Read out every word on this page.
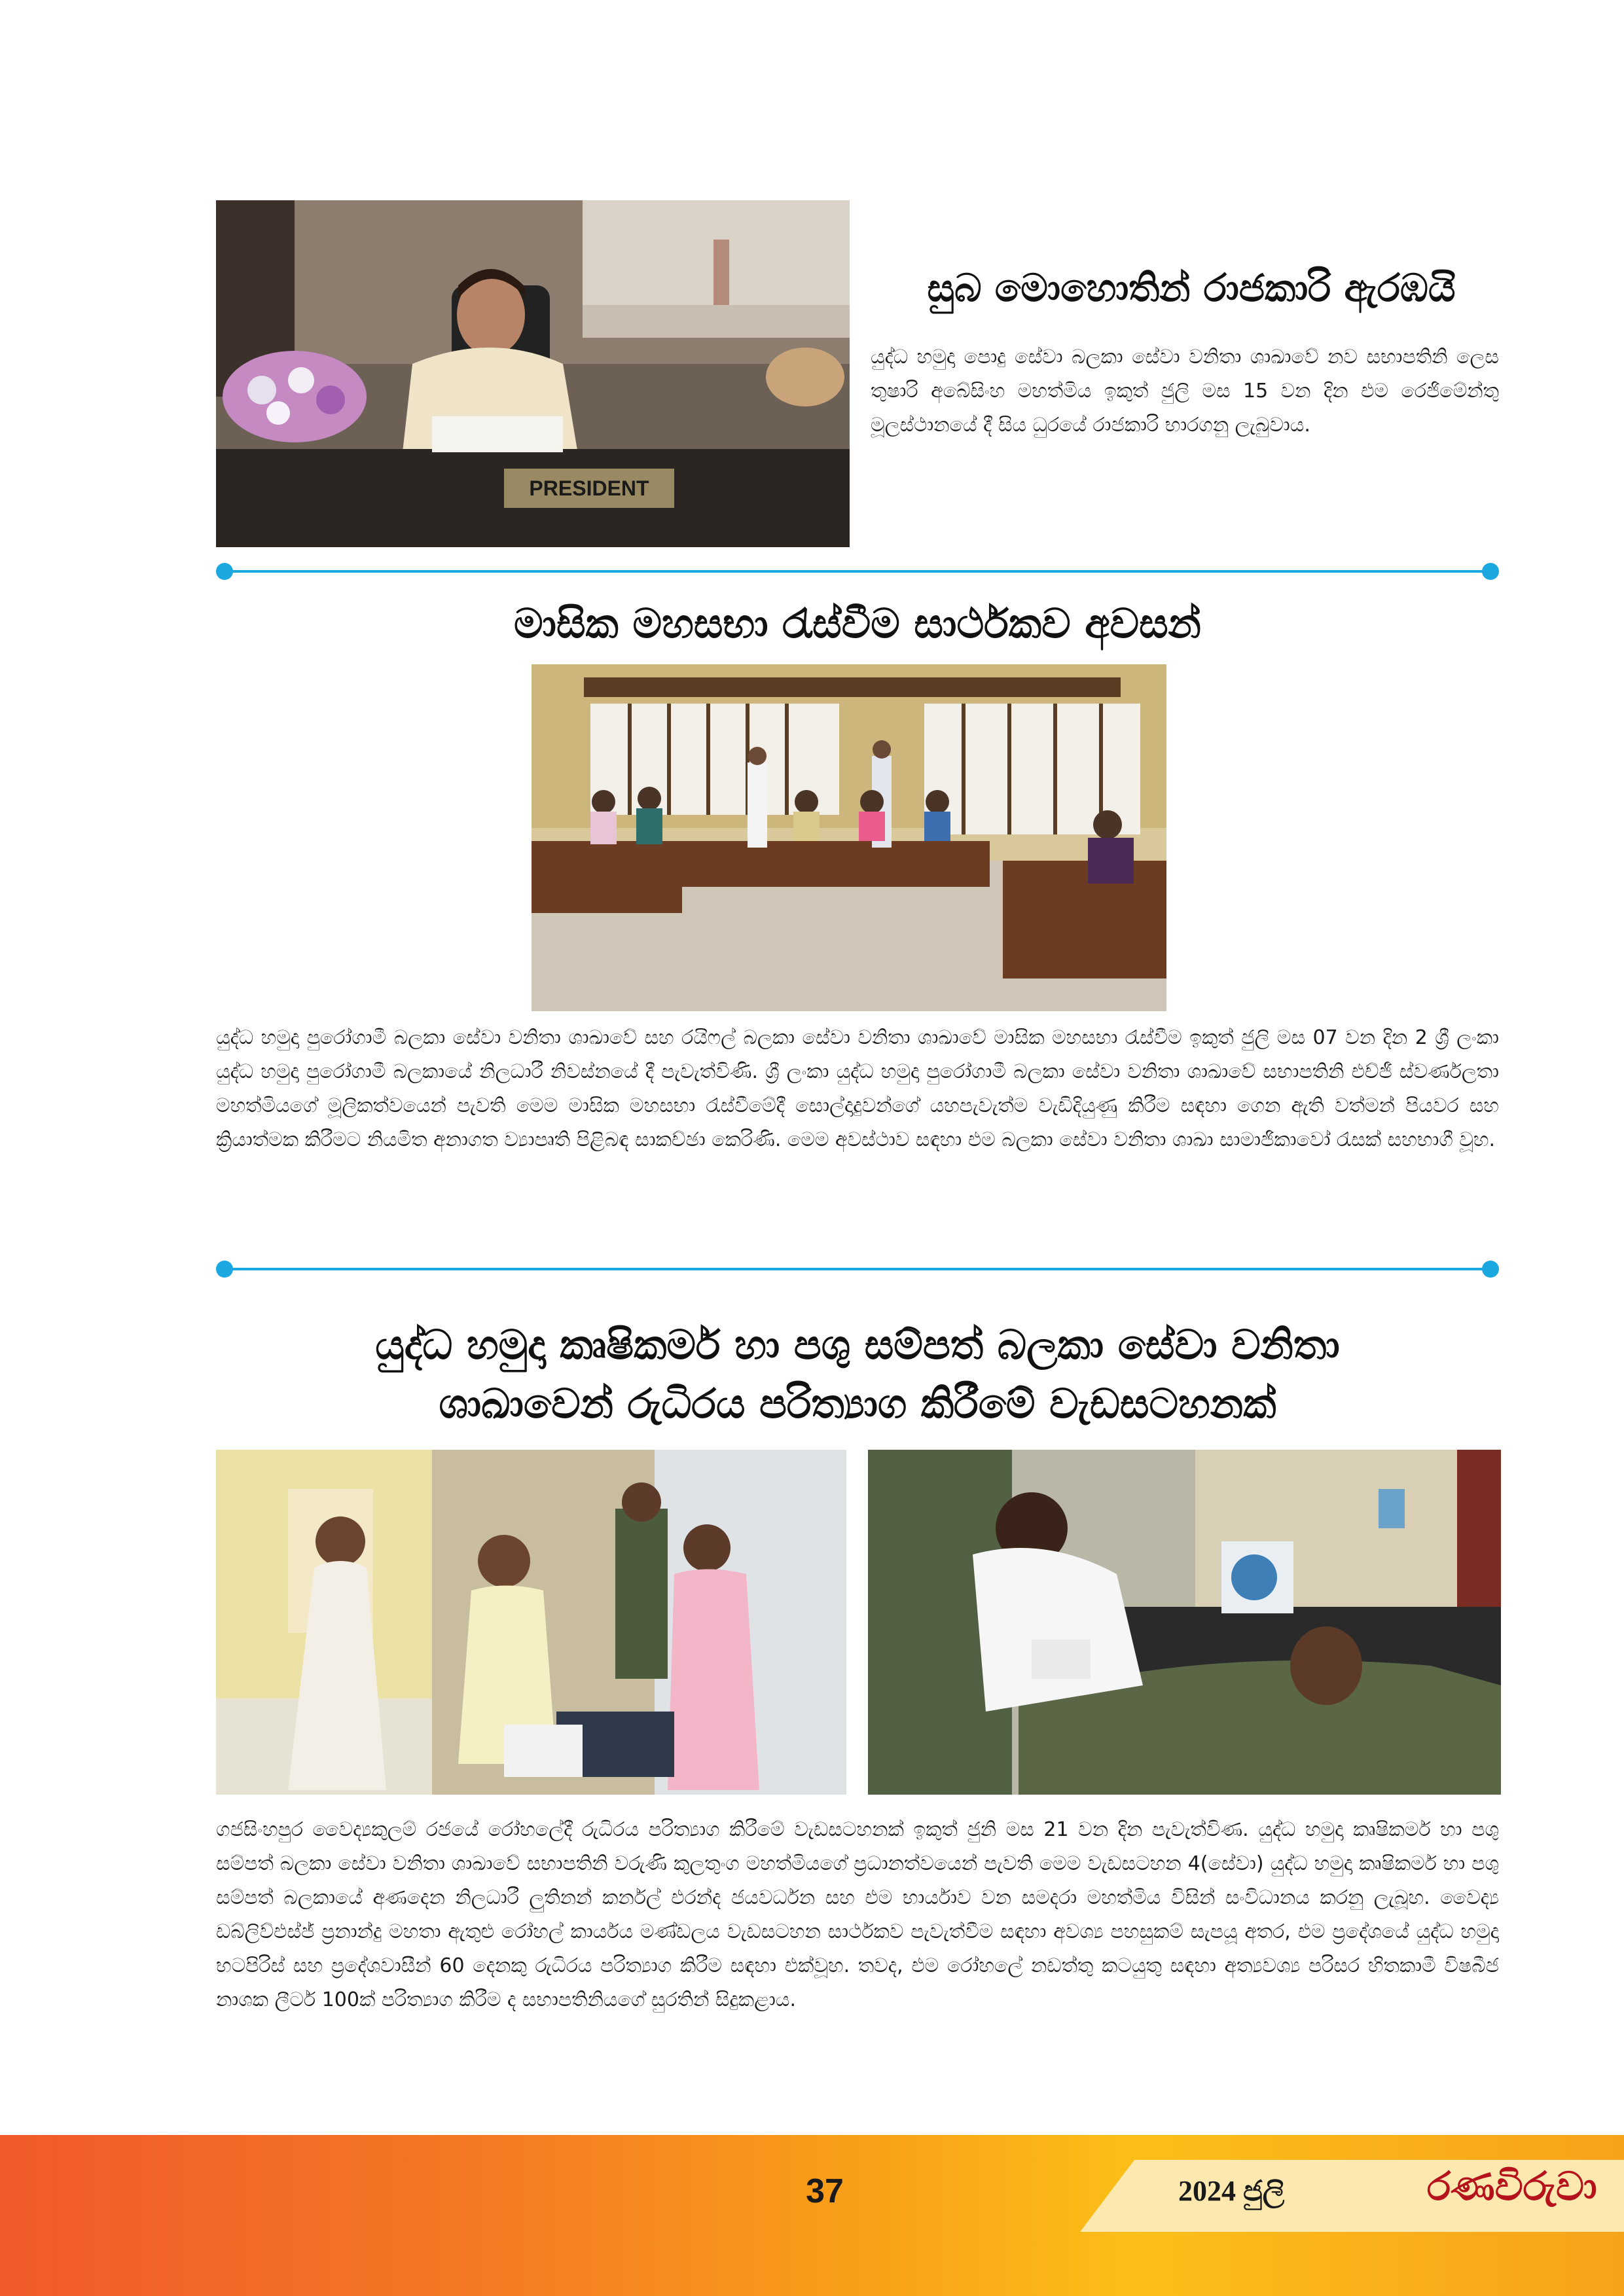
PRESIDENT
සුබ මොහොතින් රාජකාරි ඇරඹයි
යුද්ධ හමුදා පොදු සේවා බලකා සේවා වනිතා ශාඛාවේ නව සභාපතිනි ලෙස තුෂාරි අබේසිංහ මහත්මිය ඉකුත් ජුලි මස 15 වන දින එම රෙජිමේන්තු මූලස්ථානයේ දී සිය ධුරයේ රාජකාරි භාරගනු ලැබුවාය.
මාසික මහසභා රැස්වීම සාර්ථකව අවසන්
යුද්ධ හමුදා පුරෝගාමී බලකා සේවා වනිතා ශාඛාවේ සහ රයිෆල් බලකා සේවා වනිතා ශාඛාවේ මාසික මහසභා රැස්වීම ඉකුත් ජුලි මස 07 වන දින 2 ශ්‍රී ලංකා යුද්ධ හමුදා පුරෝගාමී බලකායේ නිලධාරී නිවස්නයේ දී පැවැත්විණි. ශ්‍රී ලංකා යුද්ධ හමුදා පුරෝගාමී බලකා සේවා වනිතා ශාඛාවේ සභාපතිනි එච්ජී ස්වර්ණලතා මහත්මියගේ මූලිකත්වයෙන් පැවති මෙම මාසික මහසභා රැස්වීමේදී සොල්දාදුවන්ගේ යහපැවැත්ම වැඩිදියුණු කිරීම සඳහා ගෙන ඇති වත්මන් පියවර සහ ක්‍රියාත්මක කිරීමට නියමිත අනාගත ව්‍යාපෘති පිළිබඳ සාකච්ඡා කෙරිණි. මෙම අවස්ථාව සඳහා එම බලකා සේවා වනිතා ශාඛා සාමාජිකාවෝ රැසක් සහභාගී වූහ.
යුද්ධ හමුදා කෘෂිකර්ම හා පශු සම්පත් බලකා සේවා වනිතා
ශාඛාවෙන් රුධිරය පරිත්‍යාග කිරීමේ වැඩසටහනක්
ගජසිංහපුර වෛද්‍යකුලම් රජයේ රෝහලේදී රුධිරය පරිත්‍යාග කිරීමේ වැඩසටහනක් ඉකුත් ජුනි මස 21 වන දින පැවැත්විණ. යුද්ධ හමුදා කෘෂිකර්ම හා පශු සම්පත් බලකා සේවා වනිතා ශාඛාවේ සභාපතිනි වරුණි කුලතුංග මහත්මියගේ ප්‍රධානත්වයෙන් පැවති මෙම වැඩසටහන 4(සේවා) යුද්ධ හමුදා කෘෂිකර්ම හා පශු සම්පත් බලකායේ අණදෙන නිලධාරී ලුතිනන් කර්නල් එරන්ද ජයවර්ධන සහ එම භාර්යාව වන සමදරා මහත්මිය විසින් සංවිධානය කරනු ලැබූහ. වෛද්‍ය ඩබ්ලිව්එස්ජ් ප්‍රනාන්දු මහතා ඇතුළු රෝහල් කාර්යය මණ්ඩලය වැඩසටහන සාර්ථකව පැවැත්වීම සඳහා අවශ්‍ය පහසුකම් සැපයූ අතර, එම ප්‍රදේශයේ යුද්ධ හමුදා භටපිරිස් සහ ප්‍රදේශවාසීන් 60 දෙනකු රුධිරය පරිත්‍යාග කිරීම සඳහා එක්වූහ. තවද, එම රෝහලේ නඩත්තු කටයුතු සඳහා අත්‍යවශ්‍ය පරිසර හිතකාමී විෂබීජ නාශක ලීටර් 100ක් පරිත්‍යාග කිරීම ද සභාපතිනියගේ සුරතින් සිදුකළාය.
37	2024 ජුලි	රණවිරුවා
